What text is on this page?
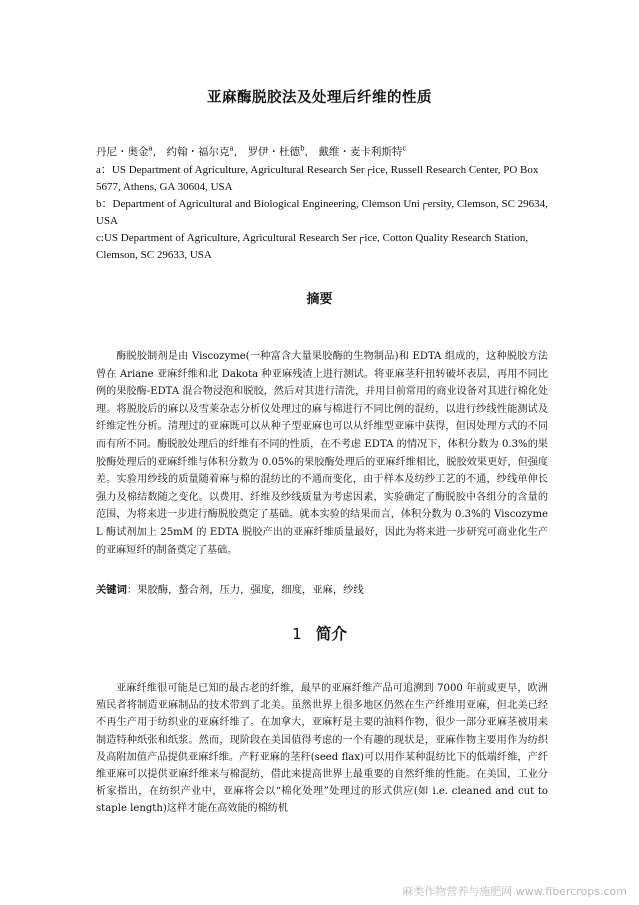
亚麻酶脱胶法及处理后纤维的性质
丹尼・奥金$^a$， 约翰・福尔克$^a$， 罗伊・杜德$^b$， 戴维・麦卡利斯特$^c$
a：US Department of Agriculture, Agricultural Research Ser┌ice, Russell Research Center, PO Box 5677, Athens, GA 30604, USA
b：Department of Agricultural and Biological Engineering, Clemson Uni┌ersity, Clemson, SC 29634, USA
c:US Department of Agriculture, Agricultural Research Ser┌ice, Cotton Quality Research Station, Clemson, SC 29633, USA
摘要

酶脱胶制剂是由 Viscozyme(一种富含大量果胶酶的生物制品)和 EDTA 组成的，这种脱胶方法曾在 Ariane 亚麻纤维和北 Dakota 种亚麻残渣上进行测试。将亚麻茎秆扭转破坏表层，再用不同比例的果胶酶-EDTA 混合物浸泡和脱胶，然后对其进行清洗，并用目前常用的商业设备对其进行棉化处理。将脱胶后的麻以及雪莱杂志分析仪处理过的麻与棉进行不同比例的混纺，以进行纱线性能测试及纤维定性分析。清理过的亚麻既可以从种子型亚麻也可以从纤维型亚麻中获得，但因处理方式的不同而有所不同。酶脱胶处理后的纤维有不同的性质，在不考虑 EDTA 的情况下，体积分数为 0.3%的果胶酶处理后的亚麻纤维与体积分数为 0.05%的果胶酶处理后的亚麻纤维相比，脱胶效果更好，但强度差。实验用纱线的质量随着麻与棉的混纺比的不通而变化，由于样本及纺纱工艺的不通，纱线单伸长强力及棉结数随之变化。以费用、纤维及纱线质量为考虑因素，实验确定了酶脱胶中各组分的含量的范围，为将来进一步进行酶脱胶奠定了基础。就本实验的结果而言，体积分数为 0.3%的 Viscozyme L 酶试剂加上 25mM 的 EDTA 脱胶产出的亚麻纤维质量最好，因此为将来进一步研究可商业化生产的亚麻短纤的制备奠定了基础。

关键词：果胶酶，螯合剂，压力，强度，细度，亚麻，纱线
1 简介

亚麻纤维很可能是已知的最古老的纤维，最早的亚麻纤维产品可追溯到 7000 年前或更早，欧洲殖民者将制造亚麻制品的技术带到了北美。虽然世界上很多地区仍然在生产纤维用亚麻，但北美已经不再生产用于纺织业的亚麻纤维了。在加拿大，亚麻籽是主要的油料作物，很少一部分亚麻茎被用来制造特种纸张和纸浆。然而，现阶段在美国值得考虑的一个有趣的现状是，亚麻作物主要用作为纺织及高附加值产品提供亚麻纤维。产籽亚麻的茎秆(seed flax)可以用作某种混纺比下的低端纤维，产纤维亚麻可以提供亚麻纤维来与棉混纺，借此来提高世界上最重要的自然纤维的性能。在美国，工业分析家指出，在纺织产业中，亚麻将会以“棉化处理”处理过的形式供应(如 i.e. cleaned and cut to staple length)这样才能在高效能的棉纺机

麻类作物营养与施肥网 www.fibercrops.com
